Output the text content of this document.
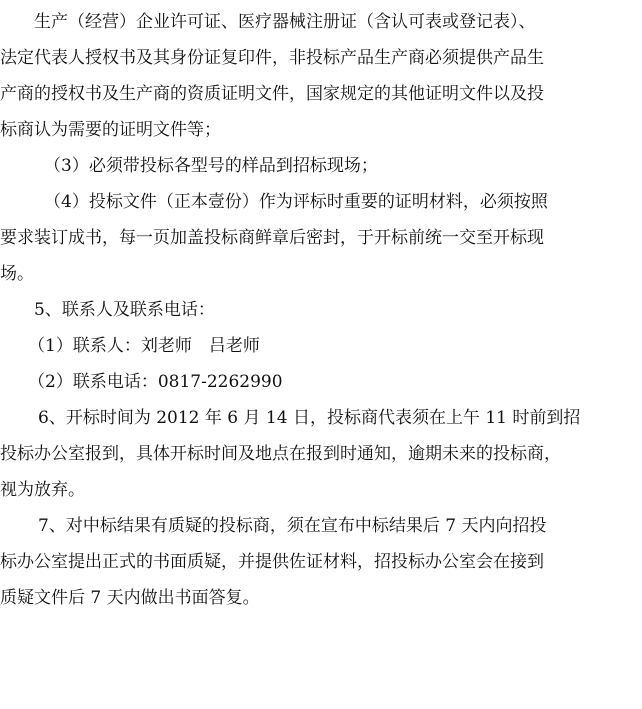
生产（经营）企业许可证、医疗器械注册证（含认可表或登记表）、
法定代表人授权书及其身份证复印件，非投标产品生产商必须提供产品生
产商的授权书及生产商的资质证明文件，国家规定的其他证明文件以及投
标商认为需要的证明文件等；
（3）必须带投标各型号的样品到招标现场；
（4）投标文件（正本壹份）作为评标时重要的证明材料，必须按照
要求装订成书，每一页加盖投标商鲜章后密封，于开标前统一交至开标现
场。
5、联系人及联系电话：
（1）联系人：刘老师　吕老师
（2）联系电话：0817-2262990
6、开标时间为 2012 年 6 月 14 日，投标商代表须在上午 11 时前到招
投标办公室报到，具体开标时间及地点在报到时通知，逾期未来的投标商，
视为放弃。
7、对中标结果有质疑的投标商，须在宣布中标结果后 7 天内向招投
标办公室提出正式的书面质疑，并提供佐证材料，招投标办公室会在接到
质疑文件后 7 天内做出书面答复。
